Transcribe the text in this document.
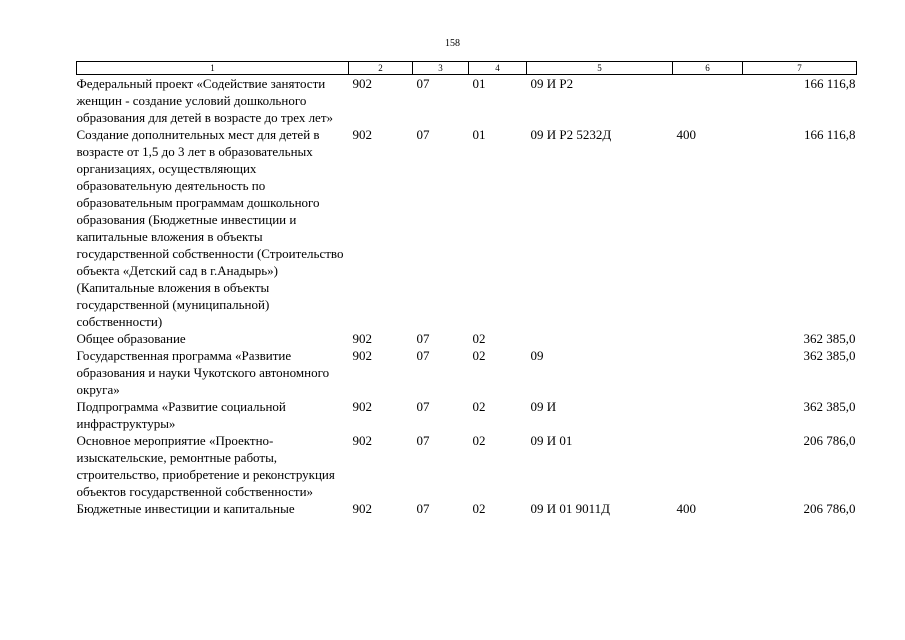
158
1	2	3	4	5	6	7
Федеральный проект «Содействие занятости женщин - создание условий дошкольного образования для детей в возрасте до трех лет»	902	07	01	09 И Р2		166 116,8
Создание дополнительных мест для детей в возрасте от 1,5 до 3 лет в образовательных организациях, осуществляющих образовательную деятельность по образовательным программам дошкольного образования (Бюджетные инвестиции и капитальные вложения в объекты государственной собственности (Строительство объекта «Детский сад в г.Анадырь») (Капитальные вложения в объекты государственной (муниципальной) собственности)	902	07	01	09 И Р2 5232Д	400	166 116,8
Общее образование	902	07	02			362 385,0
Государственная программа «Развитие образования и науки Чукотского автономного округа»	902	07	02	09		362 385,0
Подпрограмма «Развитие социальной инфраструктуры»	902	07	02	09 И		362 385,0
Основное мероприятие «Проектно-изыскательские, ремонтные работы, строительство, приобретение и реконструкция объектов государственной собственности»	902	07	02	09 И 01		206 786,0
Бюджетные инвестиции и капитальные	902	07	02	09 И 01 9011Д	400	206 786,0
